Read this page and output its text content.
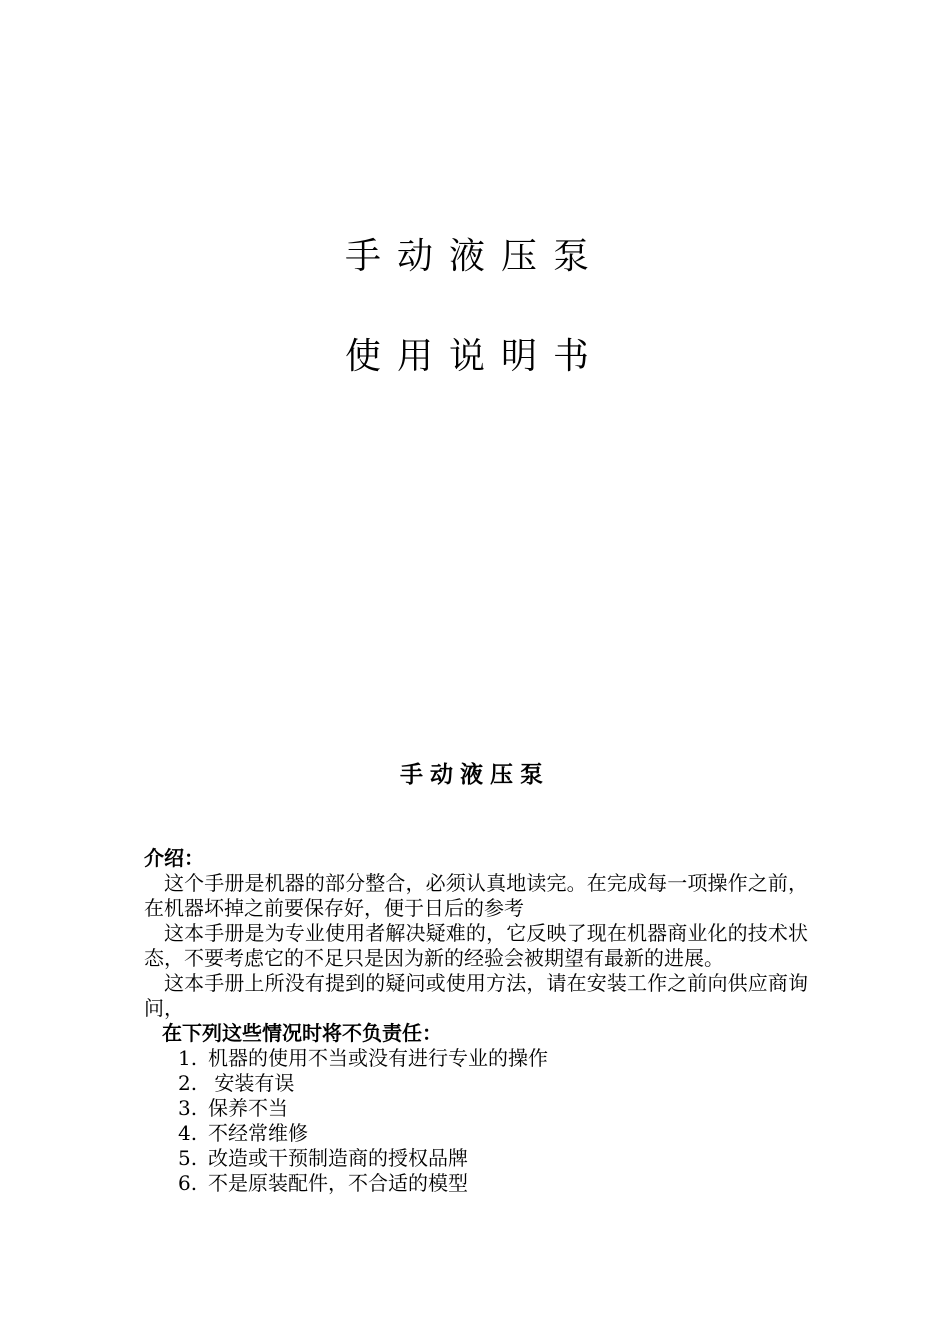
手动液压泵
使用说明书
手动液压泵

介绍：

这个手册是机器的部分整合，必须认真地读完。在完成每一项操作之前，在机器坏掉之前要保存好，便于日后的参考

这本手册是为专业使用者解决疑难的，它反映了现在机器商业化的技术状态，不要考虑它的不足只是因为新的经验会被期望有最新的进展。

这本手册上所没有提到的疑问或使用方法，请在安装工作之前向供应商询问，

在下列这些情况时将不负责任：

1. 机器的使用不当或没有进行专业的操作
2. 安装有误
3. 保养不当
4. 不经常维修
5. 改造或干预制造商的授权品牌
6. 不是原装配件，不合适的模型
